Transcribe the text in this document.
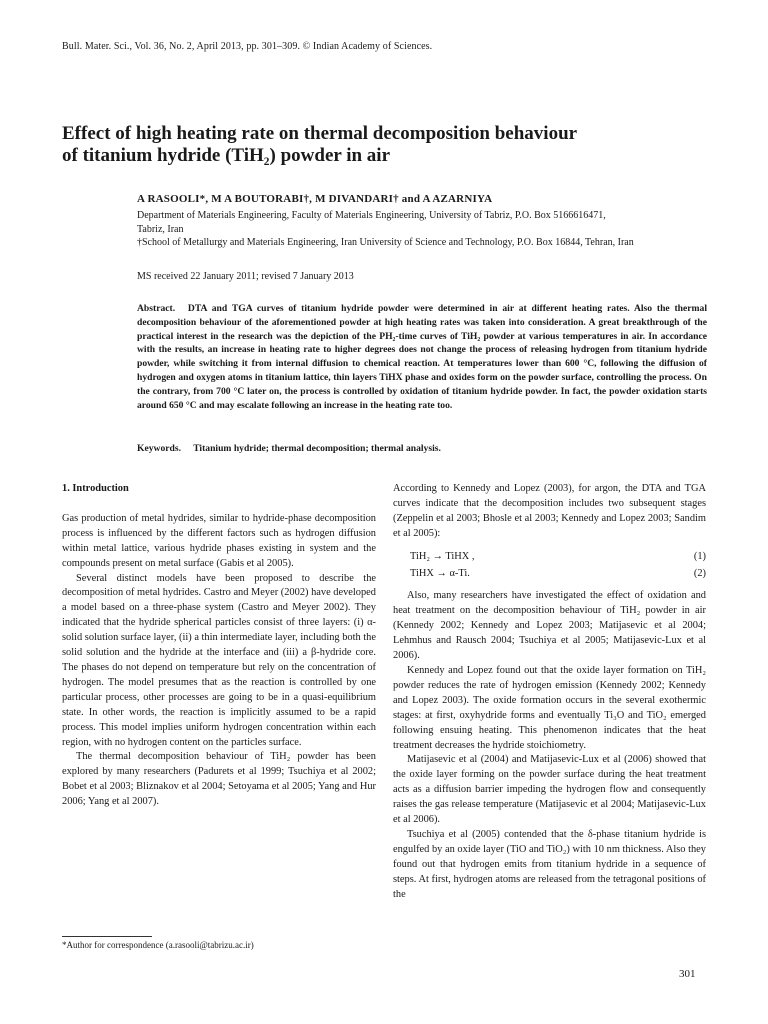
Bull. Mater. Sci., Vol. 36, No. 2, April 2013, pp. 301–309. © Indian Academy of Sciences.
Effect of high heating rate on thermal decomposition behaviour
of titanium hydride (TiH₂) powder in air
A RASOOLI*, M A BOUTORABI†, M DIVANDARI† and A AZARNIYA
Department of Materials Engineering, Faculty of Materials Engineering, University of Tabriz, P.O. Box 5166616471,
Tabriz, Iran
†School of Metallurgy and Materials Engineering, Iran University of Science and Technology, P.O. Box 16844, Tehran, Iran
MS received 22 January 2011; revised 7 January 2013
Abstract. DTA and TGA curves of titanium hydride powder were determined in air at different heating rates. Also the thermal decomposition behaviour of the aforementioned powder at high heating rates was taken into consideration. A great breakthrough of the practical interest in the research was the depiction of the PH₂-time curves of TiH₂ powder at various temperatures in air. In accordance with the results, an increase in heating rate to higher degrees does not change the process of releasing hydrogen from titanium hydride powder, while switching it from internal diffusion to chemical reaction. At temperatures lower than 600 °C, following the diffusion of hydrogen and oxygen atoms in titanium lattice, thin layers TiHX phase and oxides form on the powder surface, controlling the process. On the contrary, from 700 °C later on, the process is controlled by oxidation of titanium hydride powder. In fact, the powder oxidation starts around 650 °C and may escalate following an increase in the heating rate too.
Keywords. Titanium hydride; thermal decomposition; thermal analysis.

1. Introduction

Gas production of metal hydrides, similar to hydride-phase decomposition process is influenced by the different factors such as hydrogen diffusion within metal lattice, various hydride phases existing in system and the compounds present on metal surface (Gabis et al 2005).

Several distinct models have been proposed to describe the decomposition of metal hydrides. Castro and Meyer (2002) have developed a model based on a three-phase system (Castro and Meyer 2002). They indicated that the hydride spherical particles consist of three layers: (i) α-solid solution surface layer, (ii) a thin intermediate layer, including both the solid solution and the hydride at the interface and (iii) a β-hydride core. The phases do not depend on temperature but rely on the concentration of hydrogen. The model presumes that as the reaction is controlled by one particular process, other processes are going to be in a quasi-equilibrium state. In other words, the reaction is implicitly assumed to be a rapid process. This model implies uniform hydrogen concentration within each region, with no hydrogen content on the particles surface.

The thermal decomposition behaviour of TiH₂ powder has been explored by many researchers (Padurets et al 1999; Tsuchiya et al 2002; Bobet et al 2003; Bliznakov et al 2004; Setoyama et al 2005; Yang and Hur 2006; Yang et al 2007).

According to Kennedy and Lopez (2003), for argon, the DTA and TGA curves indicate that the decomposition includes two subsequent stages (Zeppelin et al 2003; Bhosle et al 2003; Kennedy and Lopez 2003; Sandim et al 2005):

TiH₂ → TiHX ,	(1)
TiHX → α-Ti.	(2)

Also, many researchers have investigated the effect of oxidation and heat treatment on the decomposition behaviour of TiH₂ powder in air (Kennedy 2002; Kennedy and Lopez 2003; Matijasevic et al 2004; Lehmhus and Rausch 2004; Tsuchiya et al 2005; Matijasevic-Lux et al 2006).

Kennedy and Lopez found out that the oxide layer formation on TiH₂ powder reduces the rate of hydrogen emission (Kennedy 2002; Kennedy and Lopez 2003). The oxide formation occurs in the several exothermic stages: at first, oxyhydride forms and eventually Ti₃O and TiO₂ emerged following ensuing heating. This phenomenon indicates that the heat treatment decreases the hydride stoichiometry.

Matijasevic et al (2004) and Matijasevic-Lux et al (2006) showed that the oxide layer forming on the powder surface during the heat treatment acts as a diffusion barrier impeding the hydrogen flow and consequently raises the gas release temperature (Matijasevic et al 2004; Matijasevic-Lux et al 2006).

Tsuchiya et al (2005) contended that the δ-phase titanium hydride is engulfed by an oxide layer (TiO and TiO₂) with 10 nm thickness. Also they found out that hydrogen emits from titanium hydride in a sequence of steps. At first, hydrogen atoms are released from the tetragonal positions of the

*Author for correspondence (a.rasooli@tabrizu.ac.ir)
301
